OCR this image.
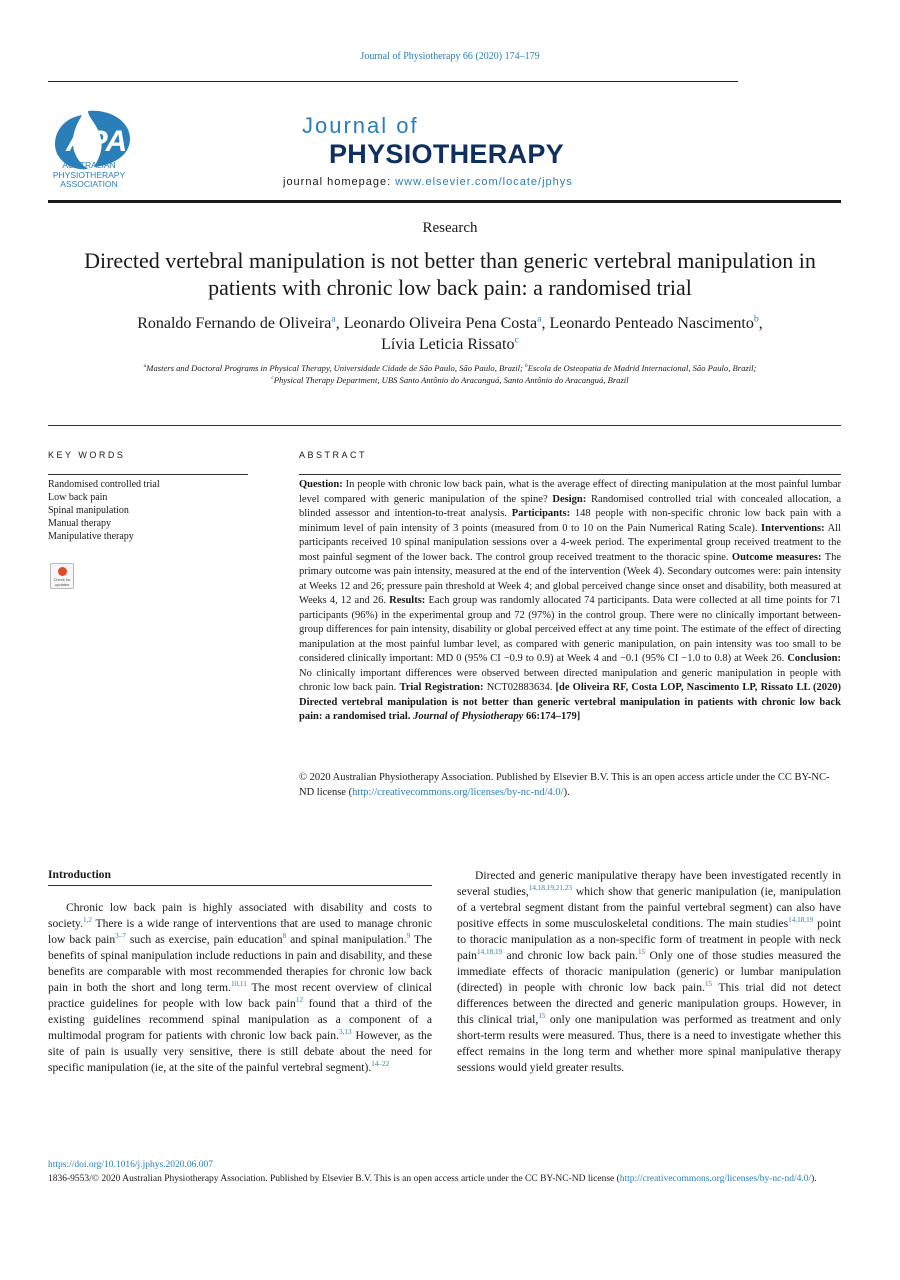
Journal of Physiotherapy 66 (2020) 174–179
APA
AUSTRALIAN
PHYSIOTHERAPY
ASSOCIATION
Journal of
PHYSIOTHERAPY
journal homepage: www.elsevier.com/locate/jphys
Research
Directed vertebral manipulation is not better than generic vertebral manipulation in patients with chronic low back pain: a randomised trial
Ronaldo Fernando de Oliveira$^a$, Leonardo Oliveira Pena Costa$^a$, Leonardo Penteado Nascimento$^b$,
Lívia Leticia Rissato$^c$
$^a$Masters and Doctoral Programs in Physical Therapy, Universidade Cidade de São Paulo, São Paulo, Brazil; $^b$Escola de Osteopatia de Madrid Internacional, São Paulo, Brazil;
$^c$Physical Therapy Department, UBS Santo Antônio do Aracanguá, Santo Antônio do Aracanguá, Brazil
KEY WORDS
Randomised controlled trial
Low back pain
Spinal manipulation
Manual therapy
Manipulative therapy
Check for updates
ABSTRACT
Question: In people with chronic low back pain, what is the average effect of directing manipulation at the most painful lumbar level compared with generic manipulation of the spine? Design: Randomised controlled trial with concealed allocation, a blinded assessor and intention-to-treat analysis. Participants: 148 people with non-specific chronic low back pain with a minimum level of pain intensity of 3 points (measured from 0 to 10 on the Pain Numerical Rating Scale). Interventions: All participants received 10 spinal manipulation sessions over a 4-week period. The experimental group received treatment to the most painful segment of the lower back. The control group received treatment to the thoracic spine. Outcome measures: The primary outcome was pain intensity, measured at the end of the intervention (Week 4). Secondary outcomes were: pain intensity at Weeks 12 and 26; pressure pain threshold at Week 4; and global perceived change since onset and disability, both measured at Weeks 4, 12 and 26. Results: Each group was randomly allocated 74 participants. Data were collected at all time points for 71 participants (96%) in the experimental group and 72 (97%) in the control group. There were no clinically important between-group differences for pain intensity, disability or global perceived effect at any time point. The estimate of the effect of directing manipulation at the most painful lumbar level, as compared with generic manipulation, on pain intensity was too small to be considered clinically important: MD 0 (95% CI −0.9 to 0.9) at Week 4 and −0.1 (95% CI −1.0 to 0.8) at Week 26. Conclusion: No clinically important differences were observed between directed manipulation and generic manipulation in people with chronic low back pain. Trial Registration: NCT02883634. [de Oliveira RF, Costa LOP, Nascimento LP, Rissato LL (2020) Directed vertebral manipulation is not better than generic vertebral manipulation in patients with chronic low back pain: a randomised trial. Journal of Physiotherapy 66:174–179]
© 2020 Australian Physiotherapy Association. Published by Elsevier B.V. This is an open access article under the CC BY-NC-ND license (http://creativecommons.org/licenses/by-nc-nd/4.0/).
Introduction
Chronic low back pain is highly associated with disability and costs to society.$^{1,2}$ There is a wide range of interventions that are used to manage chronic low back pain$^{3-7}$ such as exercise, pain education$^8$ and spinal manipulation.$^9$ The benefits of spinal manipulation include reductions in pain and disability, and these benefits are comparable with most recommended therapies for chronic low back pain in both the short and long term.$^{10,11}$ The most recent overview of clinical practice guidelines for people with low back pain$^{12}$ found that a third of the existing guidelines recommend spinal manipulation as a component of a multimodal program for patients with chronic low back pain.$^{3,13}$ However, as the site of pain is usually very sensitive, there is still debate about the need for specific manipulation (ie, at the site of the painful vertebral segment).$^{14-22}$
Directed and generic manipulative therapy have been investigated recently in several studies,$^{14,18,19,21,23}$ which show that generic manipulation (ie, manipulation of a vertebral segment distant from the painful vertebral segment) can also have positive effects in some musculoskeletal conditions. The main studies$^{14,18,19}$ point to thoracic manipulation as a non-specific form of treatment in people with neck pain$^{14,18,19}$ and chronic low back pain.$^{15}$ Only one of those studies measured the immediate effects of thoracic manipulation (generic) or lumbar manipulation (directed) in people with chronic low back pain.$^{15}$ This trial did not detect differences between the directed and generic manipulation groups. However, in this clinical trial,$^{15}$ only one manipulation was performed as treatment and only short-term results were measured. Thus, there is a need to investigate whether this effect remains in the long term and whether more spinal manipulative therapy sessions would yield greater results.
https://doi.org/10.1016/j.jphys.2020.06.007
1836-9553/© 2020 Australian Physiotherapy Association. Published by Elsevier B.V. This is an open access article under the CC BY-NC-ND license (http://creativecommons.org/licenses/by-nc-nd/4.0/).
